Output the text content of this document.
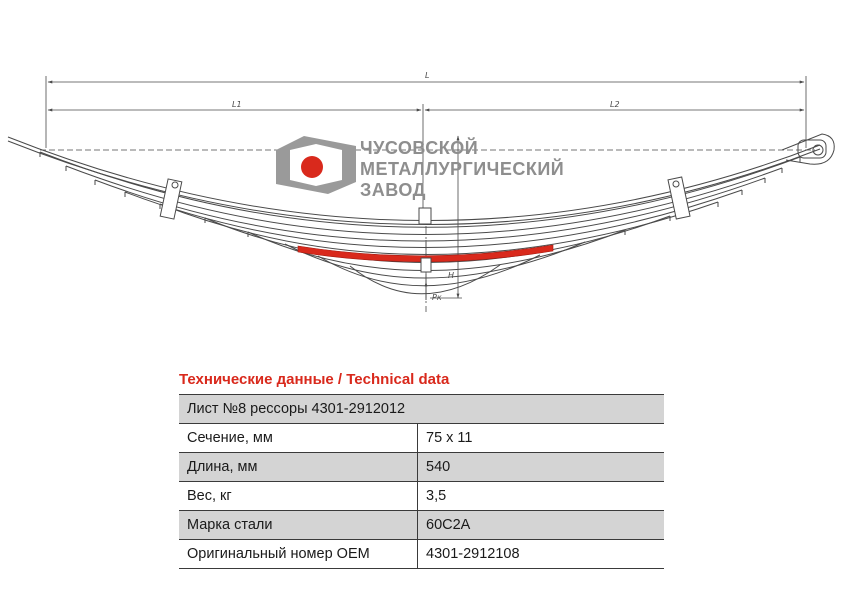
L
L1	L2
H
Pк
ЧУСОВСКОЙ
МЕТАЛЛУРГИЧЕСКИЙ
ЗАВОД
Технические данные / Technical data
Лист №8 рессоры 4301-2912012	
Сечение, мм	75 x 11
Длина, мм	540
Вес, кг	3,5
Марка стали	60С2А
Оригинальный номер OEM	4301-2912108
